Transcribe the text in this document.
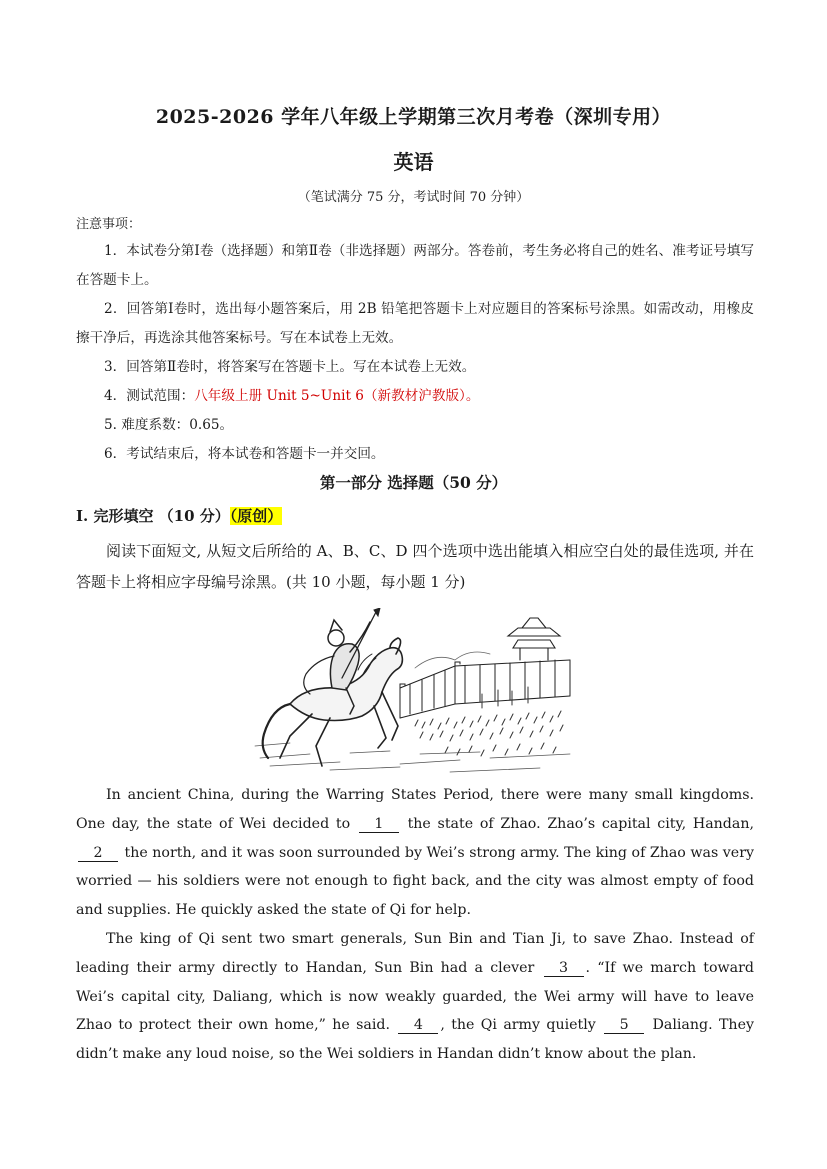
2025-2026 学年八年级上学期第三次月考卷（深圳专用）
英语
（笔试满分 75 分，考试时间 70 分钟）
注意事项：
1．本试卷分第Ⅰ卷（选择题）和第Ⅱ卷（非选择题）两部分。答卷前，考生务必将自己的姓名、准考证号填写在答题卡上。
2．回答第Ⅰ卷时，选出每小题答案后，用 2B 铅笔把答题卡上对应题目的答案标号涂黑。如需改动，用橡皮擦干净后，再选涂其他答案标号。写在本试卷上无效。
3．回答第Ⅱ卷时，将答案写在答题卡上。写在本试卷上无效。
4．测试范围：八年级上册 Unit 5~Unit 6（新教材沪教版）。
5. 难度系数：0.65。
6．考试结束后，将本试卷和答题卡一并交回。
第一部分 选择题（50 分）
I. 完形填空 （10 分）（原创）
阅读下面短文, 从短文后所给的 A、B、C、D 四个选项中选出能填入相应空白处的最佳选项, 并在答题卡上将相应字母编号涂黑。(共 10 小题，每小题 1 分)

In ancient China, during the Warring States Period, there were many small kingdoms. One day, the state of Wei decided to 1 the state of Zhao. Zhao’s capital city, Handan, 2 the north, and it was soon surrounded by Wei’s strong army. The king of Zhao was very worried — his soldiers were not enough to fight back, and the city was almost empty of food and supplies. He quickly asked the state of Qi for help.

The king of Qi sent two smart generals, Sun Bin and Tian Ji, to save Zhao. Instead of leading their army directly to Handan, Sun Bin had a clever 3 . “If we march toward Wei’s capital city, Daliang, which is now weakly guarded, the Wei army will have to leave Zhao to protect their own home,” he said. 4 , the Qi army quietly 5 Daliang. They didn’t make any loud noise, so the Wei soldiers in Handan didn’t know about the plan.
